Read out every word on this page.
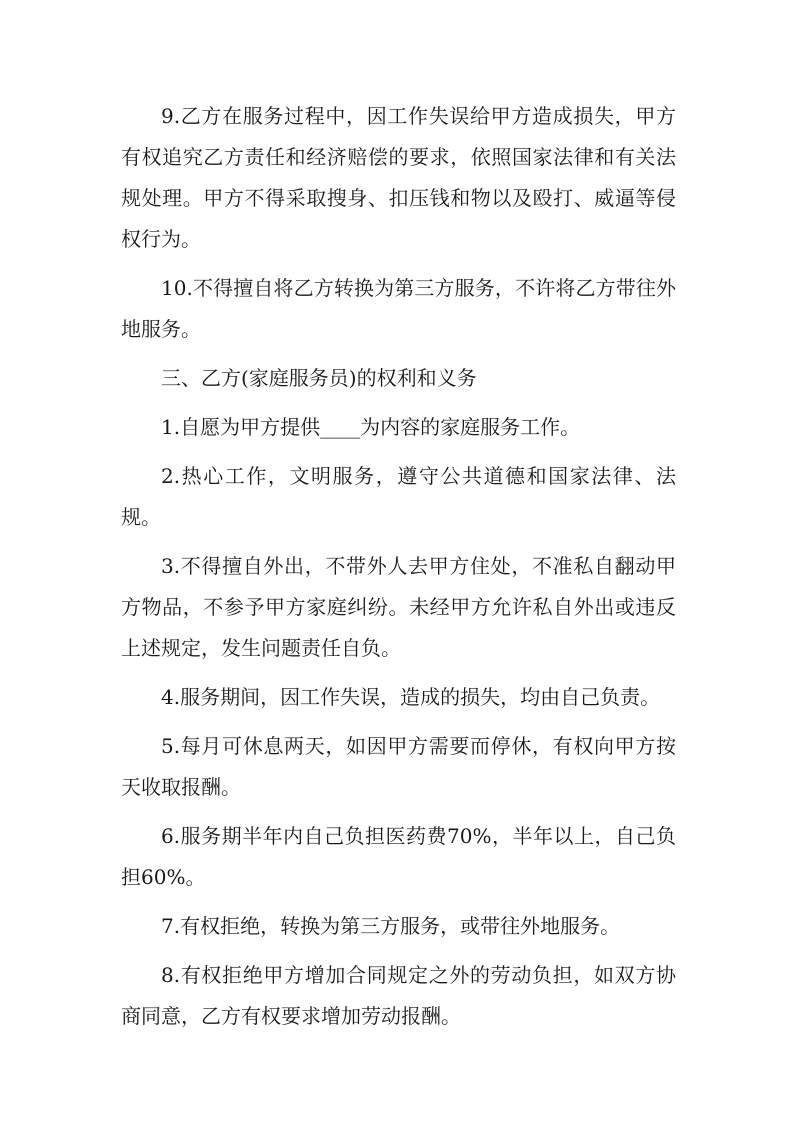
9.乙方在服务过程中，因工作失误给甲方造成损失，甲方有权追究乙方责任和经济赔偿的要求，依照国家法律和有关法规处理。甲方不得采取搜身、扣压钱和物以及殴打、威逼等侵权行为。

10.不得擅自将乙方转换为第三方服务，不许将乙方带往外地服务。

三、乙方(家庭服务员)的权利和义务

1.自愿为甲方提供____为内容的家庭服务工作。

2.热心工作，文明服务，遵守公共道德和国家法律、法规。

3.不得擅自外出，不带外人去甲方住处，不准私自翻动甲方物品，不参予甲方家庭纠纷。未经甲方允许私自外出或违反上述规定，发生问题责任自负。

4.服务期间，因工作失误，造成的损失，均由自己负责。

5.每月可休息两天，如因甲方需要而停休，有权向甲方按天收取报酬。

6.服务期半年内自己负担医药费70%，半年以上，自己负担60%。

7.有权拒绝，转换为第三方服务，或带往外地服务。

8.有权拒绝甲方增加合同规定之外的劳动负担，如双方协商同意，乙方有权要求增加劳动报酬。
